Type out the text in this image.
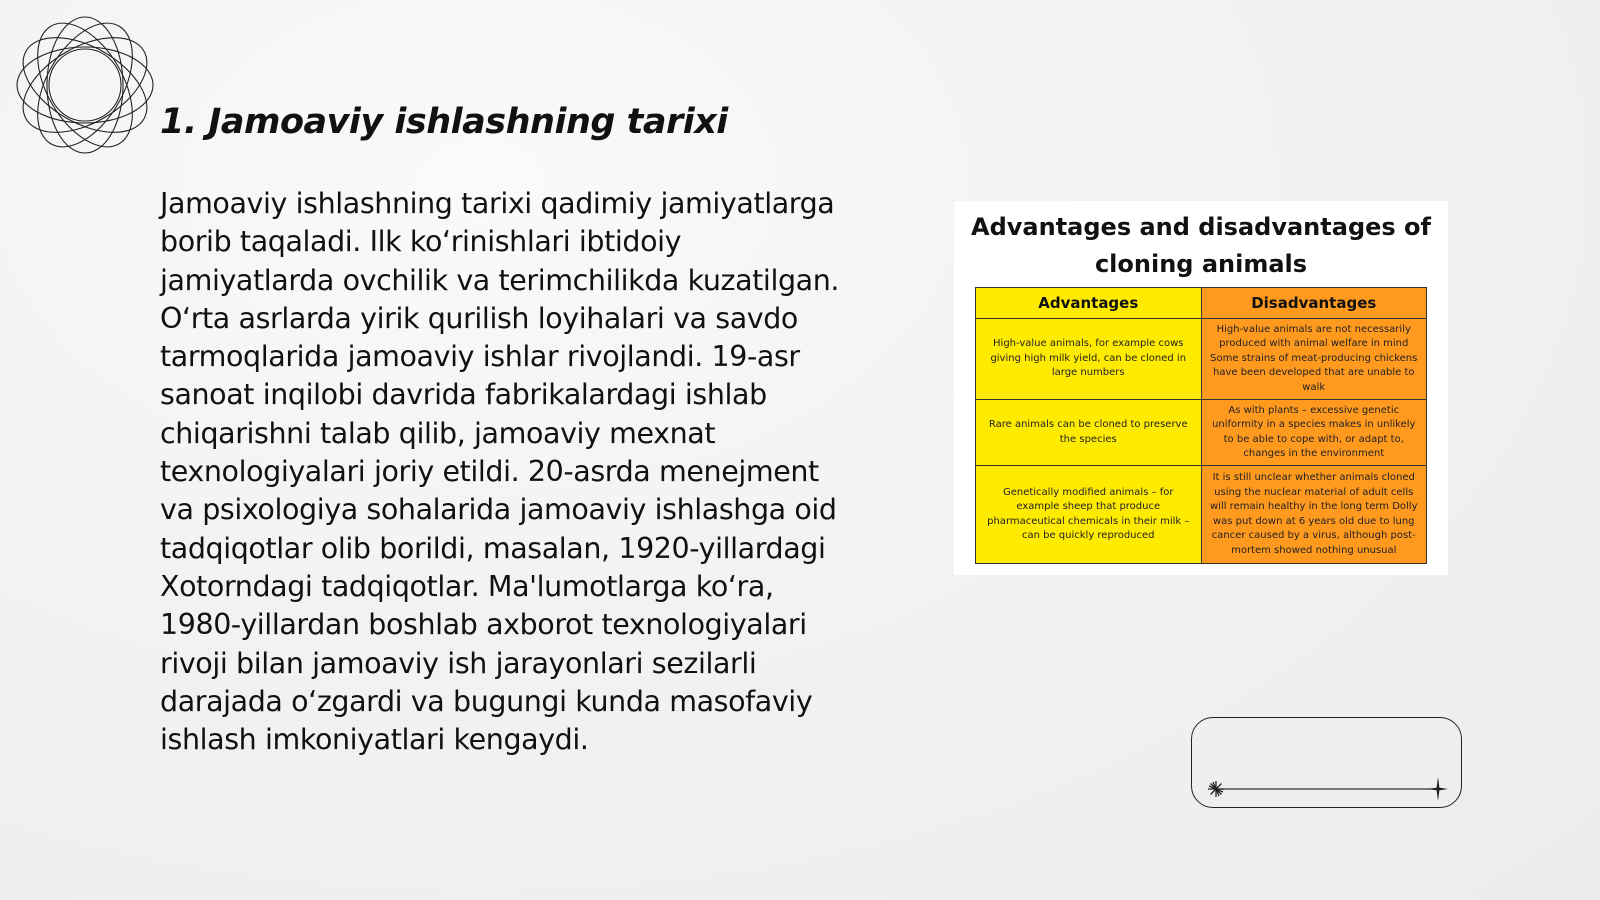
1. Jamoaviy ishlashning tarixi

Jamoaviy ishlashning tarixi qadimiy jamiyatlarga borib taqaladi. Ilk ko‘rinishlari ibtidoiy jamiyatlarda ovchilik va terimchilikda kuzatilgan. O‘rta asrlarda yirik qurilish loyihalari va savdo tarmoqlarida jamoaviy ishlar rivojlandi. 19-asr sanoat inqilobi davrida fabrikalardagi ishlab chiqarishni talab qilib, jamoaviy mexnat texnologiyalari joriy etildi. 20-asrda menejment va psixologiya sohalarida jamoaviy ishlashga oid tadqiqotlar olib borildi, masalan, 1920-yillardagi Xotorndagi tadqiqotlar. Ma'lumotlarga ko‘ra, 1980-yillardan boshlab axborot texnologiyalari rivoji bilan jamoaviy ish jarayonlari sezilarli darajada o‘zgardi va bugungi kunda masofaviy ishlash imkoniyatlari kengaydi.

Advantages and disadvantages of
cloning animals
Advantages	Disadvantages
High-value animals, for example cows giving high milk yield, can be cloned in large numbers	High-value animals are not necessarily produced with animal welfare in mind Some strains of meat-producing chickens have been developed that are unable to walk
Rare animals can be cloned to preserve the species	As with plants – excessive genetic uniformity in a species makes in unlikely to be able to cope with, or adapt to, changes in the environment
Genetically modified animals – for example sheep that produce pharmaceutical chemicals in their milk – can be quickly reproduced	It is still unclear whether animals cloned using the nuclear material of adult cells will remain healthy in the long term Dolly was put down at 6 years old due to lung cancer caused by a virus, although post-mortem showed nothing unusual
